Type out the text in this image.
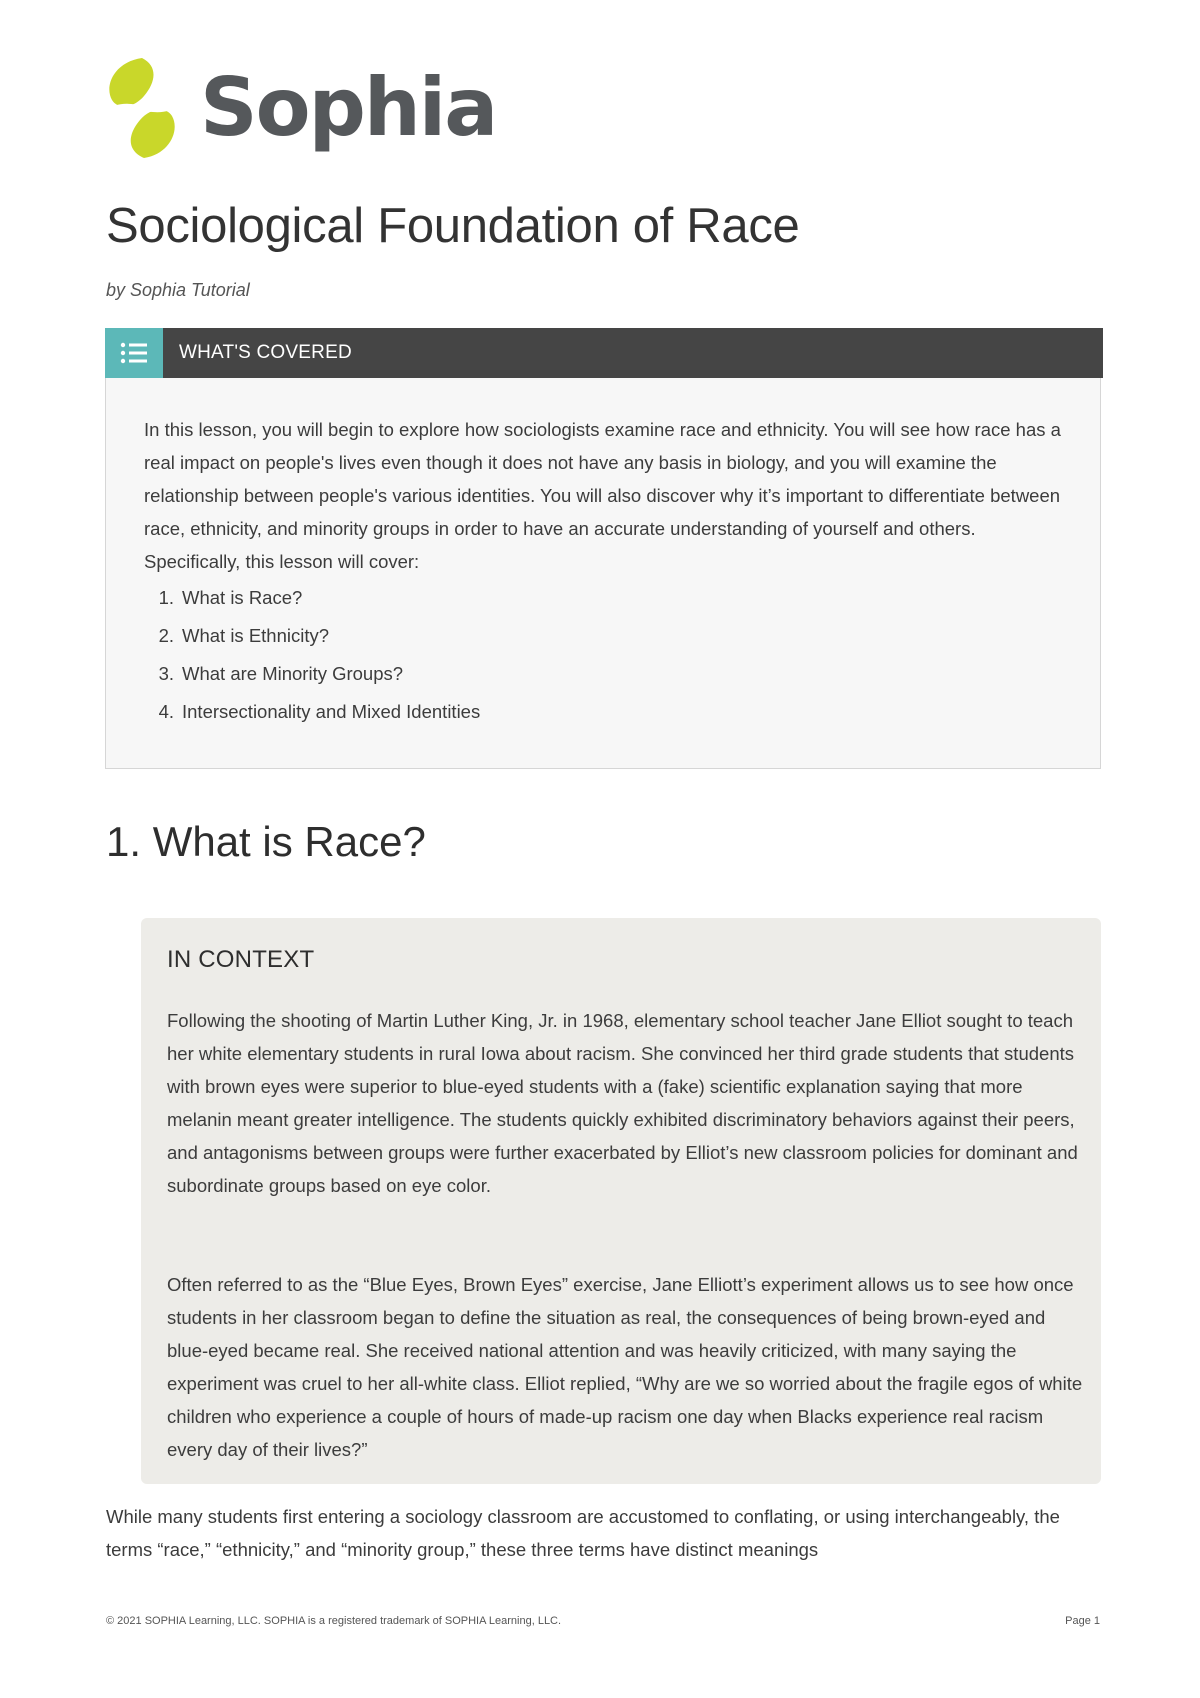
Sophia
Sociological Foundation of Race
by Sophia Tutorial
WHAT'S COVERED

In this lesson, you will begin to explore how sociologists examine race and ethnicity. You will see how race has a real impact on people's lives even though it does not have any basis in biology, and you will examine the relationship between people's various identities. You will also discover why it’s important to differentiate between race, ethnicity, and minority groups in order to have an accurate understanding of yourself and others. Specifically, this lesson will cover:

1. What is Race?
2. What is Ethnicity?
3. What are Minority Groups?
4. Intersectionality and Mixed Identities
1. What is Race?
IN CONTEXT

Following the shooting of Martin Luther King, Jr. in 1968, elementary school teacher Jane Elliot sought to teach her white elementary students in rural Iowa about racism. She convinced her third grade students that students with brown eyes were superior to blue-eyed students with a (fake) scientific explanation saying that more melanin meant greater intelligence. The students quickly exhibited discriminatory behaviors against their peers, and antagonisms between groups were further exacerbated by Elliot’s new classroom policies for dominant and subordinate groups based on eye color.

Often referred to as the “Blue Eyes, Brown Eyes” exercise, Jane Elliott’s experiment allows us to see how once students in her classroom began to define the situation as real, the consequences of being brown-eyed and blue-eyed became real. She received national attention and was heavily criticized, with many saying the experiment was cruel to her all-white class. Elliot replied, “Why are we so worried about the fragile egos of white children who experience a couple of hours of made-up racism one day when Blacks experience real racism every day of their lives?”

While many students first entering a sociology classroom are accustomed to conflating, or using interchangeably, the terms “race,” “ethnicity,” and “minority group,” these three terms have distinct meanings

© 2021 SOPHIA Learning, LLC. SOPHIA is a registered trademark of SOPHIA Learning, LLC.	Page 1
